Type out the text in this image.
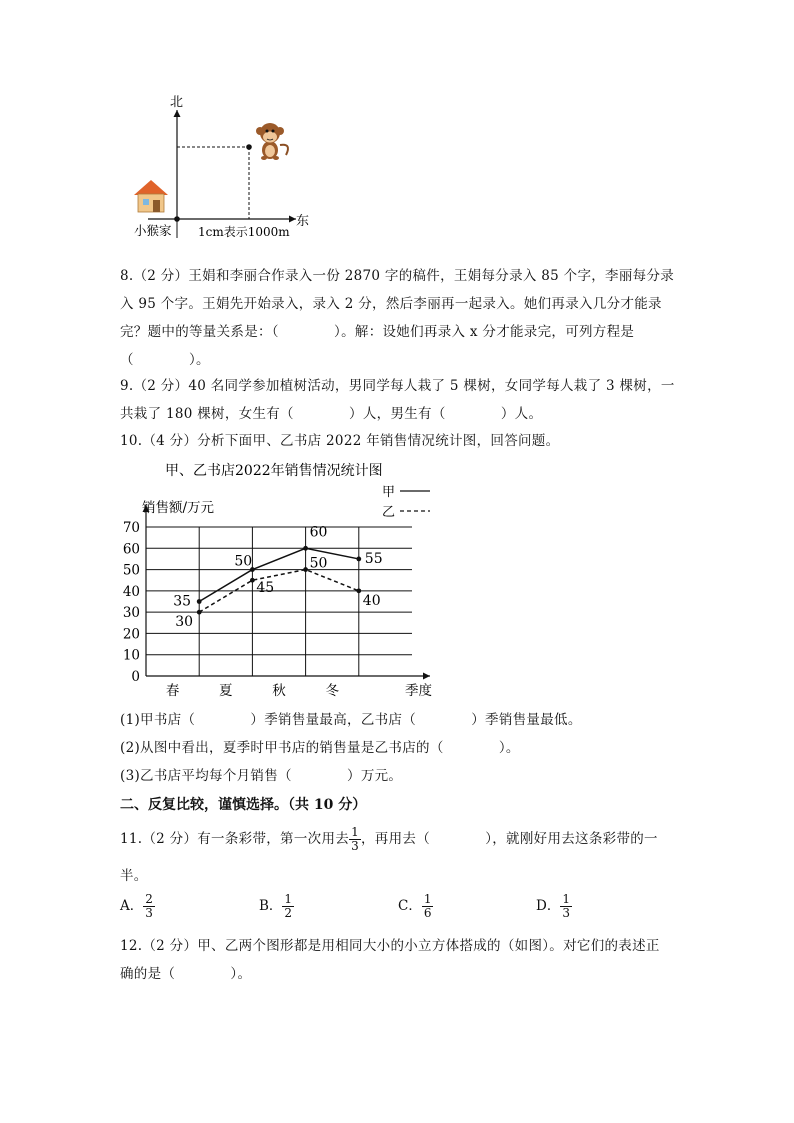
北
东
小猴家 1cm表示1000m
8.（2 分）王娟和李丽合作录入一份 2870 字的稿件，王娟每分录入 85 个字，李丽每分录
入 95 个字。王娟先开始录入，录入 2 分，然后李丽再一起录入。她们再录入几分才能录
完？题中的等量关系是：（　　　　）。解：设她们再录入 x 分才能录完，可列方程是
（　　　　）。
9.（2 分）40 名同学参加植树活动，男同学每人栽了 5 棵树，女同学每人栽了 3 棵树，一
共栽了 180 棵树，女生有（　　　　）人，男生有（　　　　）人。
10.（4 分）分析下面甲、乙书店 2022 年销售情况统计图，回答问题。
甲、乙书店2022年销售情况统计图
销售额/万元
季度
甲
乙
0
10
20
30
40
50
60
70
春	夏	秋	冬
35
50
60
55
30
45
50
40
(1)甲书店（　　　　）季销售量最高，乙书店（　　　　）季销售量最低。
(2)从图中看出，夏季时甲书店的销售量是乙书店的（　　　　）。
(3)乙书店平均每个月销售（　　　　）万元。
二、反复比较，谨慎选择。（共 10 分）
11.（2 分）有一条彩带，第一次用去 $\frac{1}{3}$ ，再用去（　　　　），就刚好用去这条彩带的一
半。
A． $\frac{2}{3}$	B． $\frac{1}{2}$	C． $\frac{1}{6}$	D． $\frac{1}{3}$
12.（2 分）甲、乙两个图形都是用相同大小的小立方体搭成的（如图）。对它们的表述正
确的是（　　　　）。
